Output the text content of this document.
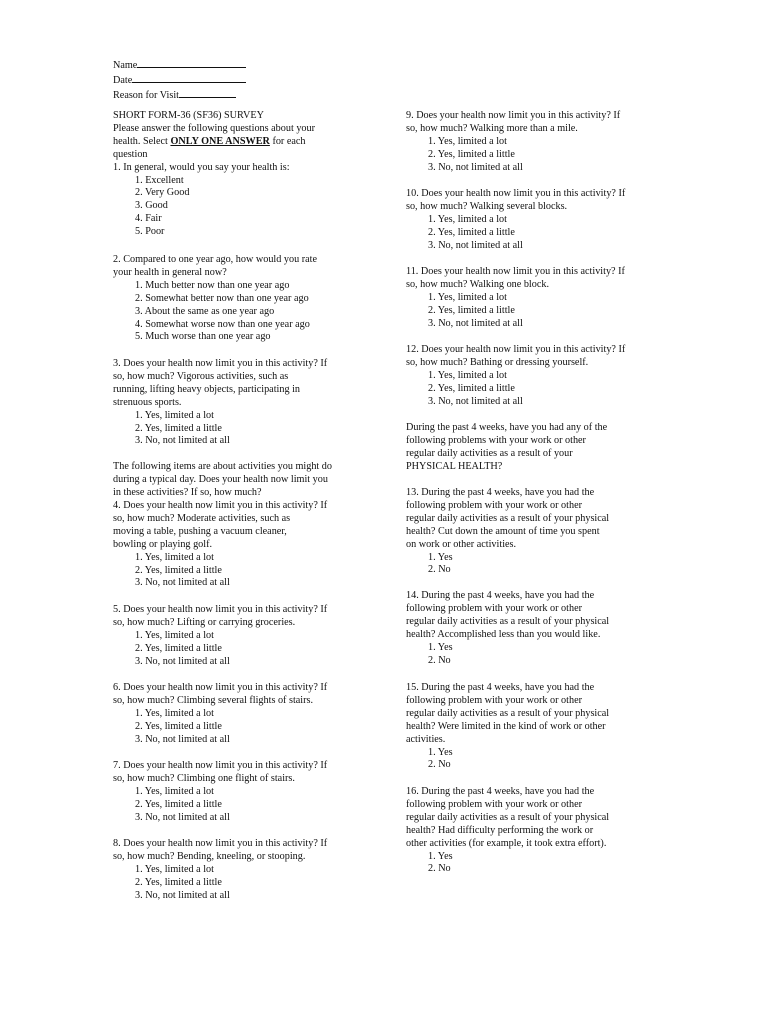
Name
Date
Reason for Visit
SHORT FORM-36 (SF36) SURVEY
Please answer the following questions about your
health. Select ONLY ONE ANSWER for each
question
1. In general, would you say your health is:
1. Excellent
2. Very Good
3. Good
4. Fair
5. Poor
2. Compared to one year ago, how would you rate
your health in general now?
1. Much better now than one year ago
2. Somewhat better now than one year ago
3. About the same as one year ago
4. Somewhat worse now than one year ago
5. Much worse than one year ago
3. Does your health now limit you in this activity? If
so, how much? Vigorous activities, such as
running, lifting heavy objects, participating in
strenuous sports.
1. Yes, limited a lot
2. Yes, limited a little
3. No, not limited at all
The following items are about activities you might do
during a typical day. Does your health now limit you
in these activities? If so, how much?
4. Does your health now limit you in this activity? If
so, how much? Moderate activities, such as
moving a table, pushing a vacuum cleaner,
bowling or playing golf.
1. Yes, limited a lot
2. Yes, limited a little
3. No, not limited at all
5. Does your health now limit you in this activity? If
so, how much? Lifting or carrying groceries.
1. Yes, limited a lot
2. Yes, limited a little
3. No, not limited at all
6. Does your health now limit you in this activity? If
so, how much? Climbing several flights of stairs.
1. Yes, limited a lot
2. Yes, limited a little
3. No, not limited at all
7. Does your health now limit you in this activity? If
so, how much? Climbing one flight of stairs.
1. Yes, limited a lot
2. Yes, limited a little
3. No, not limited at all
8. Does your health now limit you in this activity? If
so, how much? Bending, kneeling, or stooping.
1. Yes, limited a lot
2. Yes, limited a little
3. No, not limited at all
9. Does your health now limit you in this activity? If
so, how much? Walking more than a mile.
1. Yes, limited a lot
2. Yes, limited a little
3. No, not limited at all
10. Does your health now limit you in this activity? If
so, how much? Walking several blocks.
1. Yes, limited a lot
2. Yes, limited a little
3. No, not limited at all
11. Does your health now limit you in this activity? If
so, how much? Walking one block.
1. Yes, limited a lot
2. Yes, limited a little
3. No, not limited at all
12. Does your health now limit you in this activity? If
so, how much? Bathing or dressing yourself.
1. Yes, limited a lot
2. Yes, limited a little
3. No, not limited at all
During the past 4 weeks, have you had any of the
following problems with your work or other
regular daily activities as a result of your
PHYSICAL HEALTH?
13. During the past 4 weeks, have you had the
following problem with your work or other
regular daily activities as a result of your physical
health? Cut down the amount of time you spent
on work or other activities.
1. Yes
2. No
14. During the past 4 weeks, have you had the
following problem with your work or other
regular daily activities as a result of your physical
health? Accomplished less than you would like.
1. Yes
2. No
15. During the past 4 weeks, have you had the
following problem with your work or other
regular daily activities as a result of your physical
health? Were limited in the kind of work or other
activities.
1. Yes
2. No
16. During the past 4 weeks, have you had the
following problem with your work or other
regular daily activities as a result of your physical
health? Had difficulty performing the work or
other activities (for example, it took extra effort).
1. Yes
2. No
